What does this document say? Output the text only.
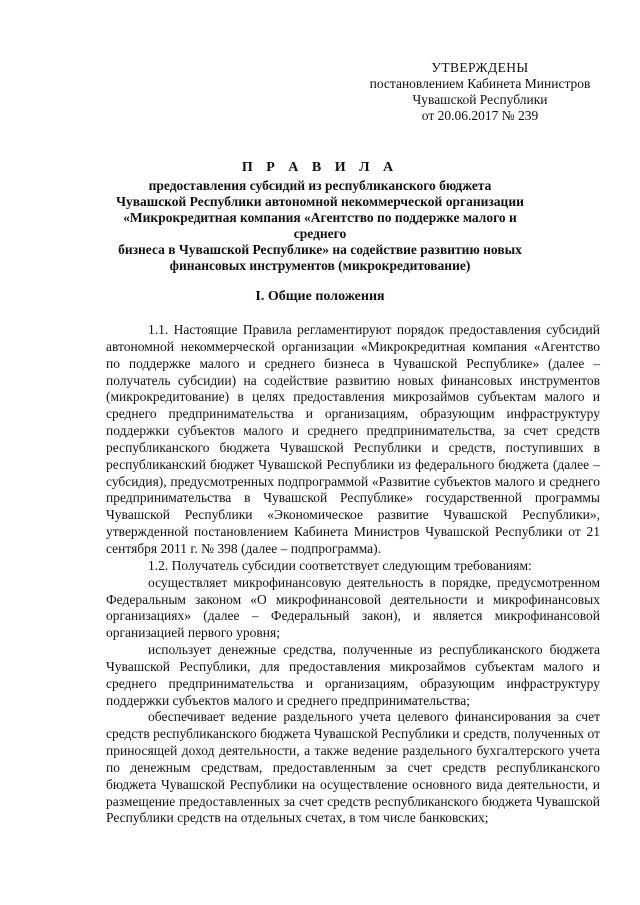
УТВЕРЖДЕНЫ
постановлением Кабинета Министров
Чувашской Республики
от 20.06.2017 № 239
П Р А В И Л А
предоставления субсидий из республиканского бюджета
Чувашской Республики автономной некоммерческой организации
«Микрокредитная компания «Агентство по поддержке малого и среднего
бизнеса в Чувашской Республике» на содействие развитию новых
финансовых инструментов (микрокредитование)
I. Общие положения

1.1. Настоящие Правила регламентируют порядок предоставления субсидий автономной некоммерческой организации «Микрокредитная компания «Агентство по поддержке малого и среднего бизнеса в Чувашской Республике» (далее – получатель субсидии) на содействие развитию новых финансовых инструментов (микрокредитование) в целях предоставления микрозаймов субъектам малого и среднего предпринимательства и организациям, образующим инфраструктуру поддержки субъектов малого и среднего предпринимательства, за счет средств республиканского бюджета Чувашской Республики и средств, поступивших в республиканский бюджет Чувашской Республики из федерального бюджета (далее – субсидия), предусмотренных подпрограммой «Развитие субъектов малого и среднего предпринимательства в Чувашской Республике» государственной программы Чувашской Республики «Экономическое развитие Чувашской Республики», утвержденной постановлением Кабинета Министров Чувашской Республики от 21 сентября 2011 г. № 398 (далее – подпрограмма).

1.2. Получатель субсидии соответствует следующим требованиям:

осуществляет микрофинансовую деятельность в порядке, предусмотренном Федеральным законом «О микрофинансовой деятельности и микрофинансовых организациях» (далее – Федеральный закон), и является микрофинансовой организацией первого уровня;

использует денежные средства, полученные из республиканского бюджета Чувашской Республики, для предоставления микрозаймов субъектам малого и среднего предпринимательства и организациям, образующим инфраструктуру поддержки субъектов малого и среднего предпринимательства;

обеспечивает ведение раздельного учета целевого финансирования за счет средств республиканского бюджета Чувашской Республики и средств, полученных от приносящей доход деятельности, а также ведение раздельного бухгалтерского учета по денежным средствам, предоставленным за счет средств республиканского бюджета Чувашской Республики на осуществление основного вида деятельности, и размещение предоставленных за счет средств республиканского бюджета Чувашской Республики средств на отдельных счетах, в том числе банковских;
